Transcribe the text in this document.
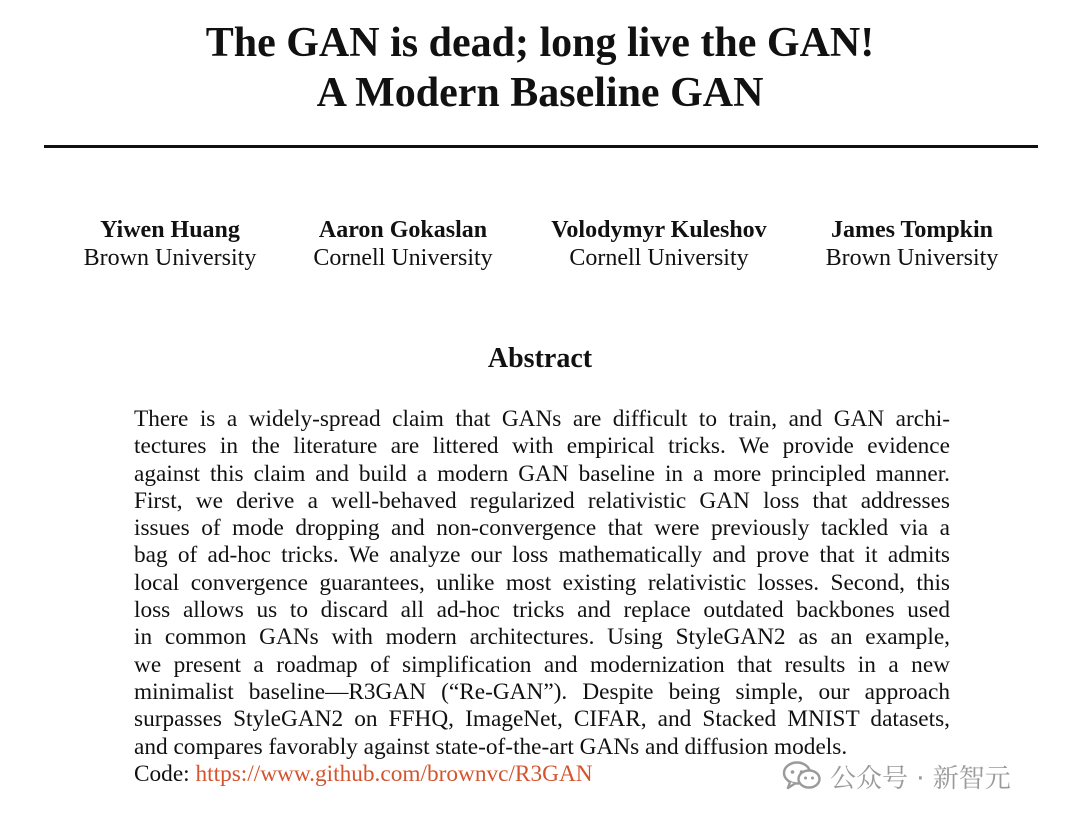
The GAN is dead; long live the GAN!
A Modern Baseline GAN
Yiwen Huang
Brown University
Aaron Gokaslan
Cornell University
Volodymyr Kuleshov
Cornell University
James Tompkin
Brown University
Abstract
There is a widely-spread claim that GANs are difficult to train, and GAN archi-
tectures in the literature are littered with empirical tricks. We provide evidence
against this claim and build a modern GAN baseline in a more principled manner.
First, we derive a well-behaved regularized relativistic GAN loss that addresses
issues of mode dropping and non-convergence that were previously tackled via a
bag of ad-hoc tricks. We analyze our loss mathematically and prove that it admits
local convergence guarantees, unlike most existing relativistic losses. Second, this
loss allows us to discard all ad-hoc tricks and replace outdated backbones used
in common GANs with modern architectures. Using StyleGAN2 as an example,
we present a roadmap of simplification and modernization that results in a new
minimalist baseline—R3GAN (“Re-GAN”). Despite being simple, our approach
surpasses StyleGAN2 on FFHQ, ImageNet, CIFAR, and Stacked MNIST datasets,
and compares favorably against state-of-the-art GANs and diffusion models.
Code: https://www.github.com/brownvc/R3GAN	公众号 · 新智元
